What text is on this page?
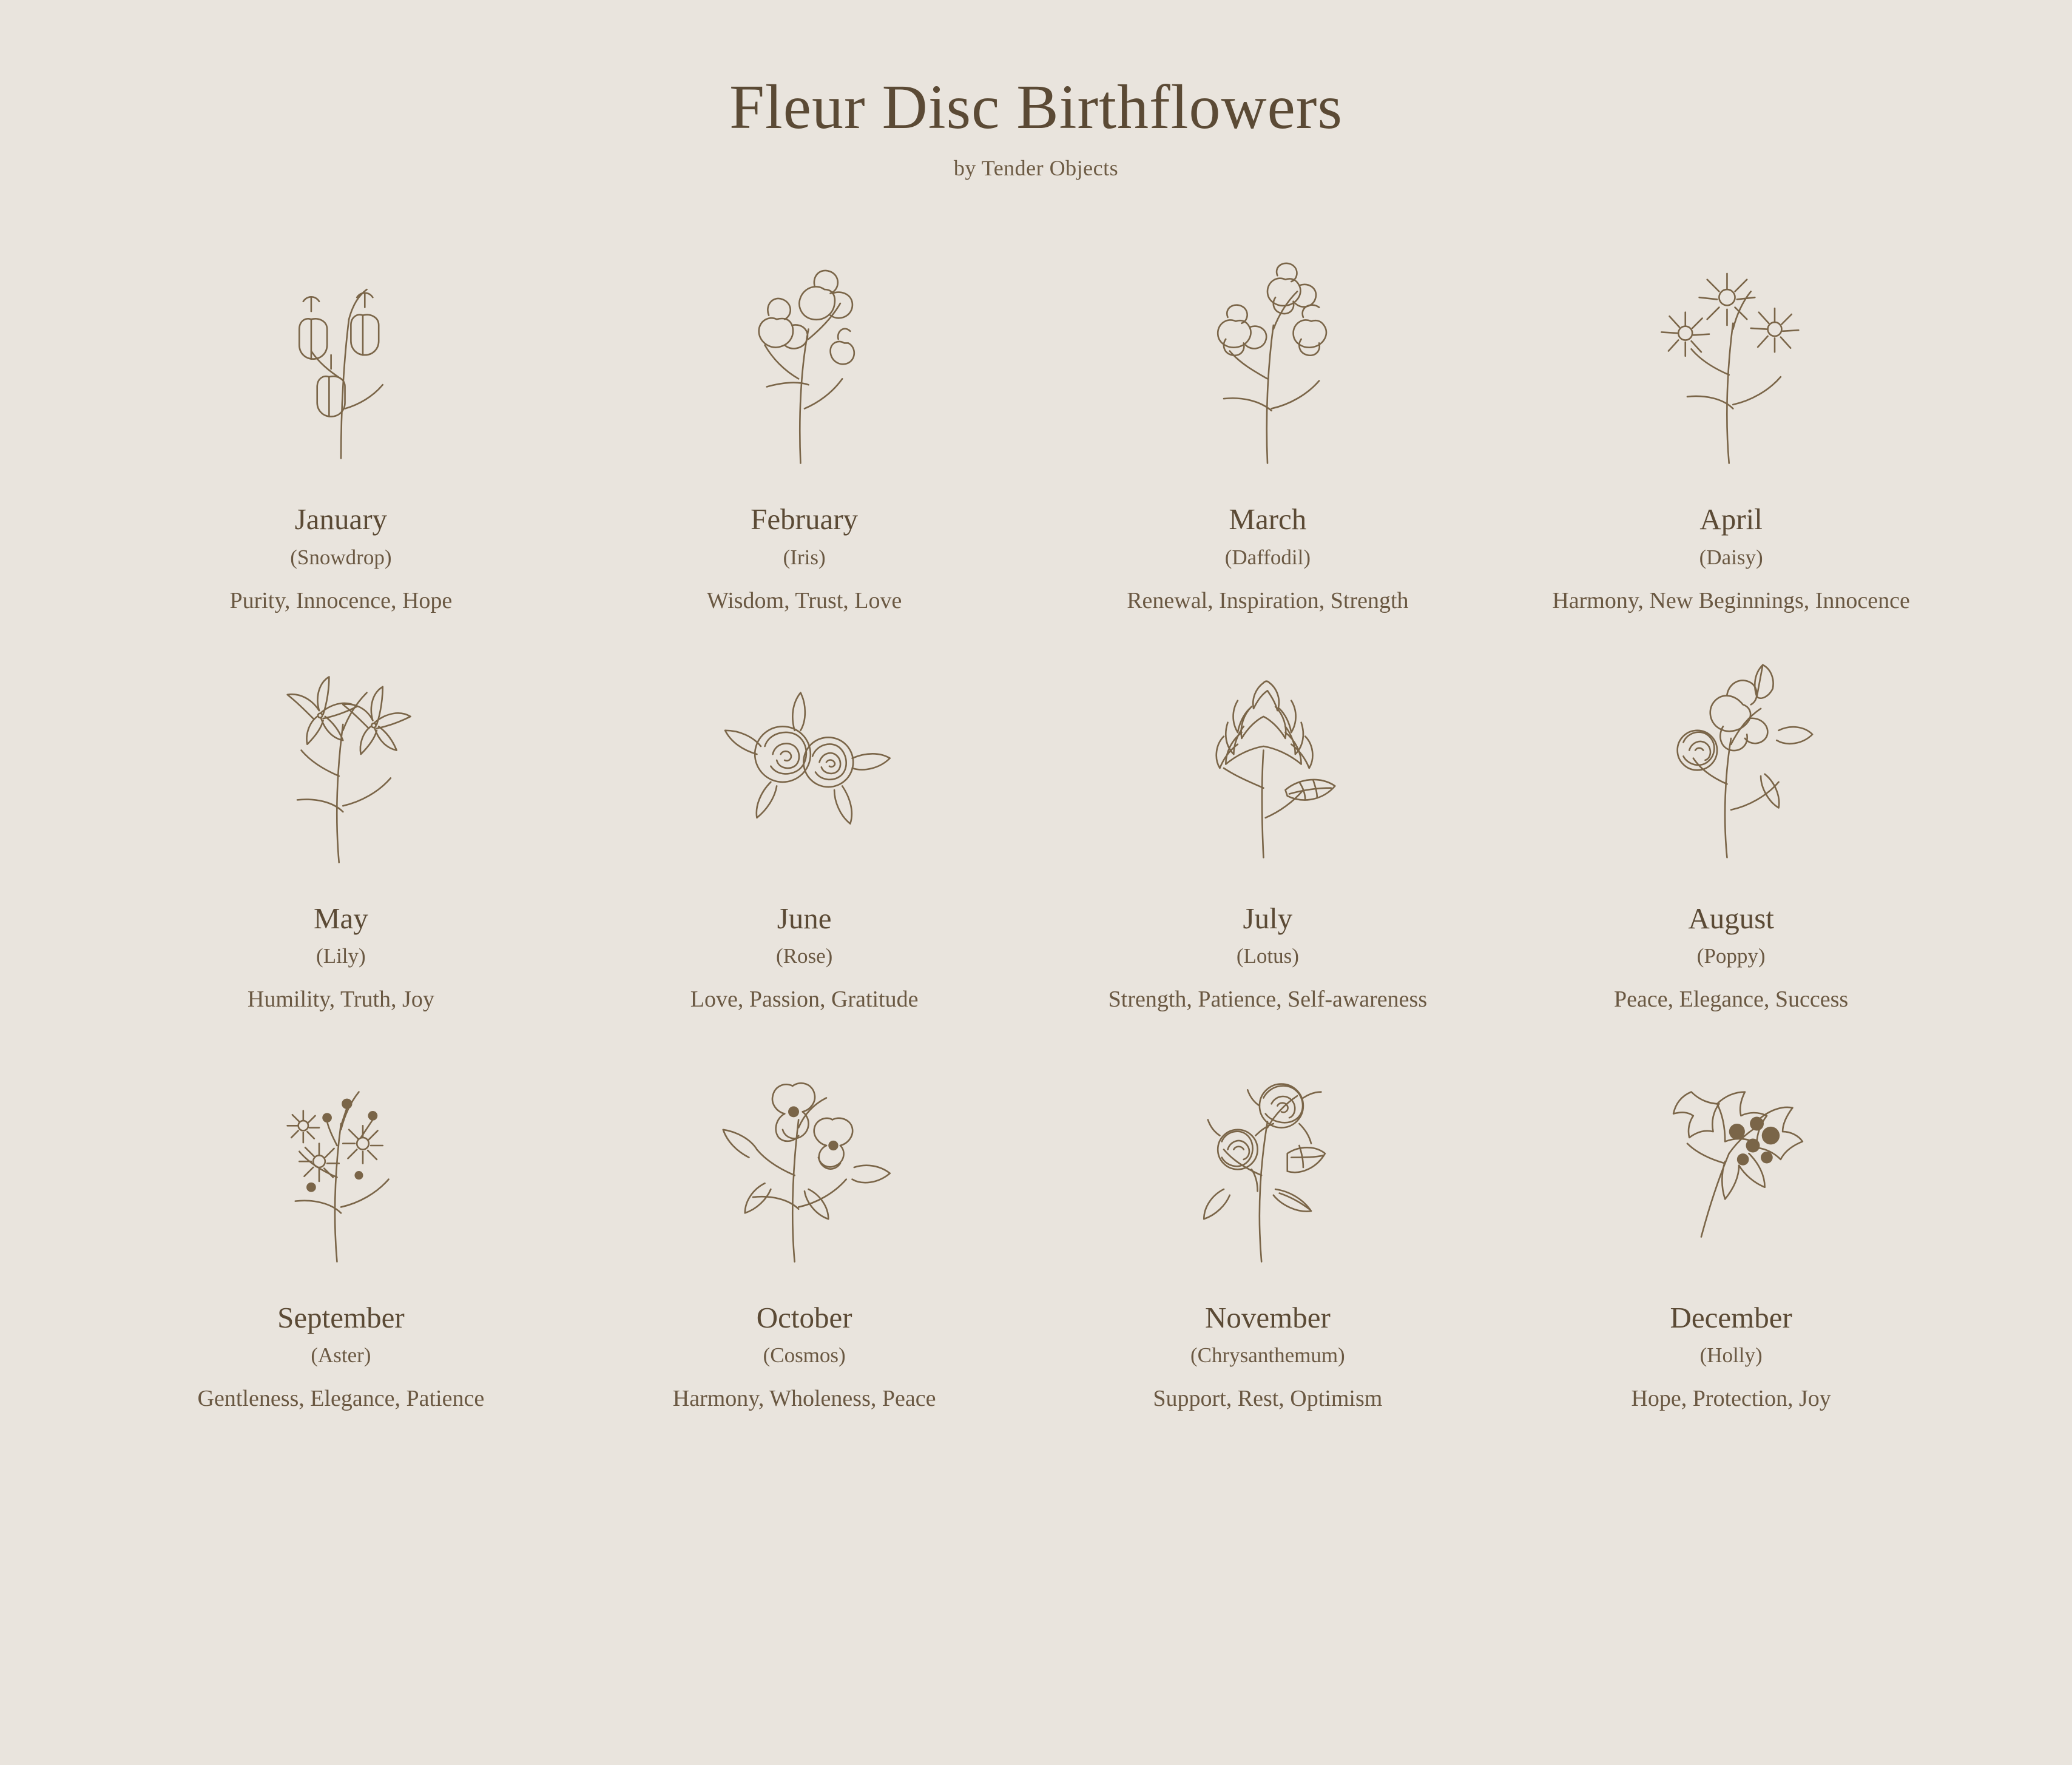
Fleur Disc Birthflowers
by Tender Objects
January
(Snowdrop)
Purity, Innocence, Hope
February
(Iris)
Wisdom, Trust, Love
March
(Daffodil)
Renewal, Inspiration, Strength
April
(Daisy)
Harmony, New Beginnings, Innocence
May
(Lily)
Humility, Truth, Joy
June
(Rose)
Love, Passion, Gratitude
July
(Lotus)
Strength, Patience, Self-awareness
August
(Poppy)
Peace, Elegance, Success
September
(Aster)
Gentleness, Elegance, Patience
October
(Cosmos)
Harmony, Wholeness, Peace
November
(Chrysanthemum)
Support, Rest, Optimism
December
(Holly)
Hope, Protection, Joy
